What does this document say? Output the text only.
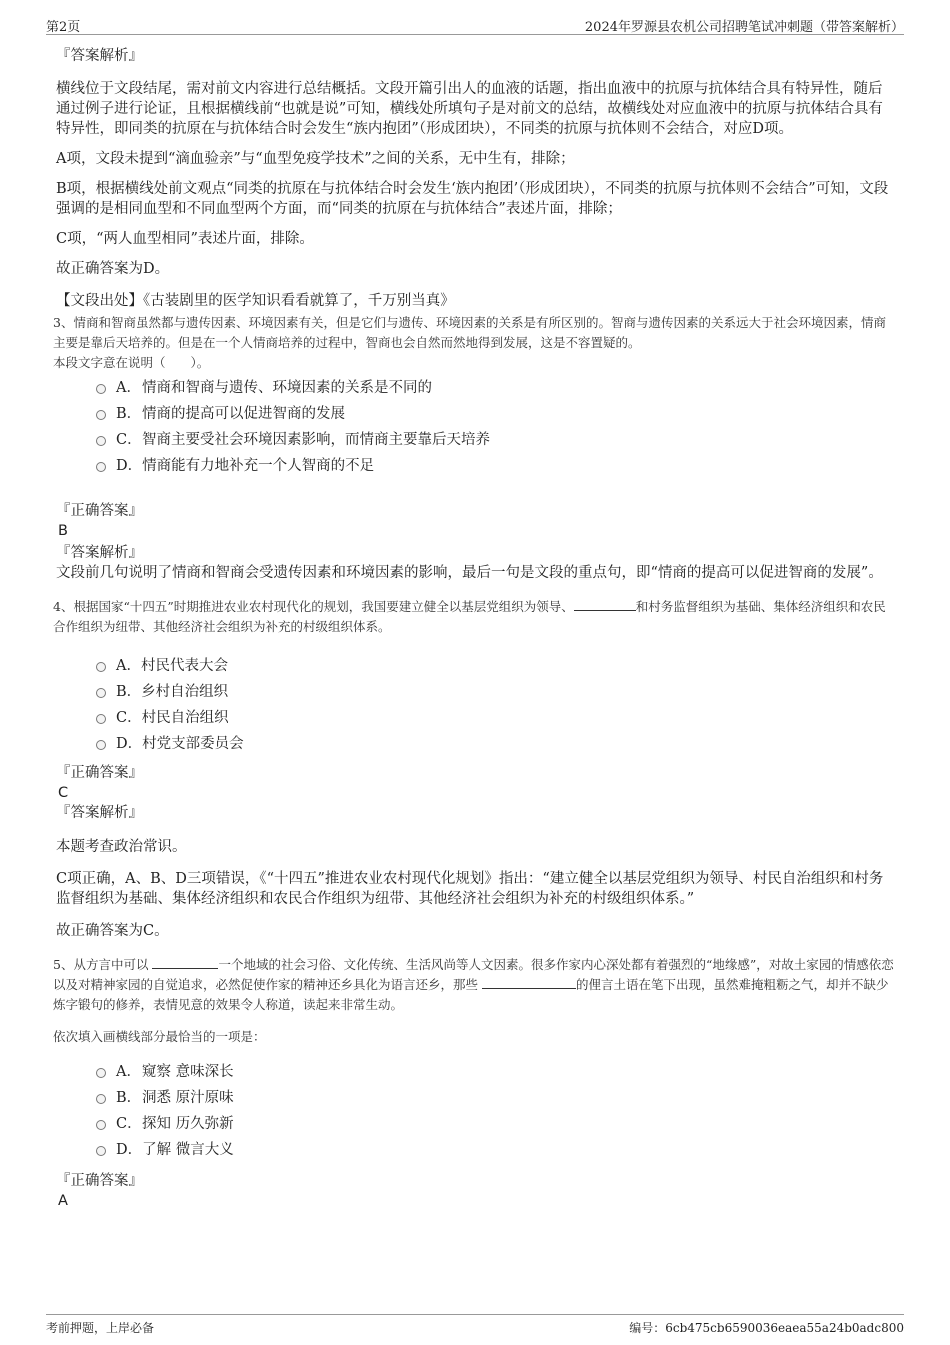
第2页	2024年罗源县农机公司招聘笔试冲刺题（带答案解析）

『答案解析』

横线位于文段结尾，需对前文内容进行总结概括。文段开篇引出人的血液的话题，指出血液中的抗原与抗体结合具有特异性，随后通过例子进行论证，且根据横线前“也就是说”可知，横线处所填句子是对前文的总结，故横线处对应血液中的抗原与抗体结合具有特异性，即同类的抗原在与抗体结合时会发生“族内抱团”（形成团块），不同类的抗原与抗体则不会结合，对应D项。

A项，文段未提到“滴血验亲”与“血型免疫学技术”之间的关系，无中生有，排除；

B项，根据横线处前文观点“同类的抗原在与抗体结合时会发生‘族内抱团’（形成团块），不同类的抗原与抗体则不会结合”可知，文段强调的是相同血型和不同血型两个方面，而“同类的抗原在与抗体结合”表述片面，排除；

C项，“两人血型相同”表述片面，排除。

故正确答案为D。

【文段出处】《古装剧里的医学知识看看就算了，千万别当真》

3、情商和智商虽然都与遗传因素、环境因素有关，但是它们与遗传、环境因素的关系是有所区别的。智商与遗传因素的关系远大于社会环境因素，情商主要是靠后天培养的。但是在一个人情商培养的过程中，智商也会自然而然地得到发展，这是不容置疑的。

本段文字意在说明（　　）。

A．情商和智商与遗传、环境因素的关系是不同的
B．情商的提高可以促进智商的发展
C．智商主要受社会环境因素影响，而情商主要靠后天培养
D．情商能有力地补充一个人智商的不足

『正确答案』

B

『答案解析』

文段前几句说明了情商和智商会受遗传因素和环境因素的影响，最后一句是文段的重点句，即“情商的提高可以促进智商的发展”。

4、根据国家“十四五”时期推进农业农村现代化的规划，我国要建立健全以基层党组织为领导、	和村务监督组织为基础、集体经济组织和农民合作组织为纽带、其他经济社会组织为补充的村级组织体系。

A．村民代表大会
B．乡村自治组织
C．村民自治组织
D．村党支部委员会

『正确答案』

C

『答案解析』

本题考查政治常识。

C项正确，A、B、D三项错误，《“十四五”推进农业农村现代化规划》指出：“建立健全以基层党组织为领导、村民自治组织和村务监督组织为基础、集体经济组织和农民合作组织为纽带、其他经济社会组织为补充的村级组织体系。”

故正确答案为C。

5、从方言中可以	一个地域的社会习俗、文化传统、生活风尚等人文因素。很多作家内心深处都有着强烈的“地缘感”，对故土家园的情感依恋以及对精神家园的自觉追求，必然促使作家的精神还乡具化为语言还乡，那些	的俚言土语在笔下出现，虽然难掩粗粝之气，却并不缺少炼字锻句的修养，表情见意的效果令人称道，读起来非常生动。

依次填入画横线部分最恰当的一项是：

A．窥察 意味深长
B．洞悉 原汁原味
C．探知 历久弥新
D．了解 微言大义

『正确答案』

A

考前押题，上岸必备	编号：6cb475cb6590036eaea55a24b0adc800
